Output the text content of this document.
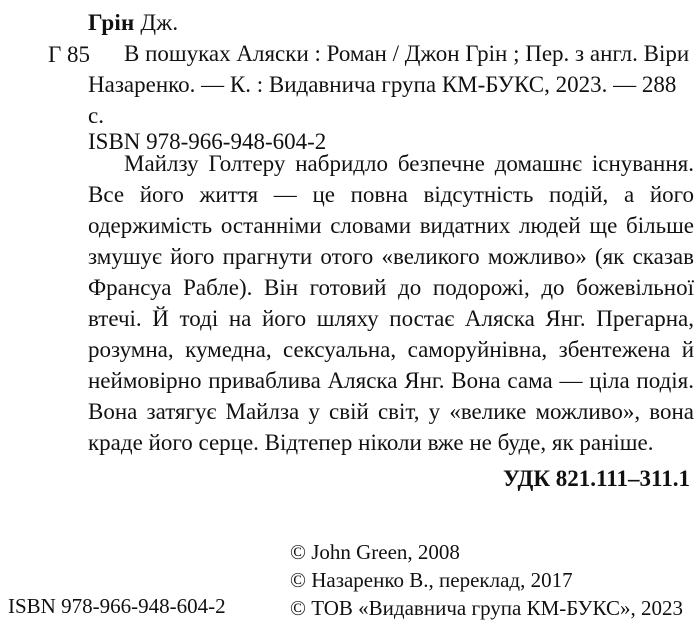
Грін Дж.
Г 85	В пошуках Аляски : Роман / Джон Грін ; Пер. з англ. Віри Назаренко. — К. : Видавнича група КМ-БУКС, 2023. — 288 с.
ISBN 978-966-948-604-2
Майлзу Голтеру набридло безпечне домашнє існування. Все його життя — це повна відсутність подій, а його одержимість останніми словами видатних людей ще більше змушує його прагнути отого «великого можливо» (як сказав Франсуа Рабле). Він готовий до подорожі, до божевільної втечі. Й тоді на його шляху постає Аляска Янг. Прегарна, розумна, кумедна, сексуальна, саморуйнівна, збентежена й неймовірно приваблива Аляска Янг. Вона сама — ціла подія. Вона затягує Майлза у свій світ, у «велике можливо», вона краде його серце. Відтепер ніколи вже не буде, як раніше.
УДК 821.111–311.1
© John Green, 2008
© Назаренко В., переклад, 2017
© ТОВ «Видавнича група КМ-БУКС», 2023
ISBN 978-966-948-604-2
